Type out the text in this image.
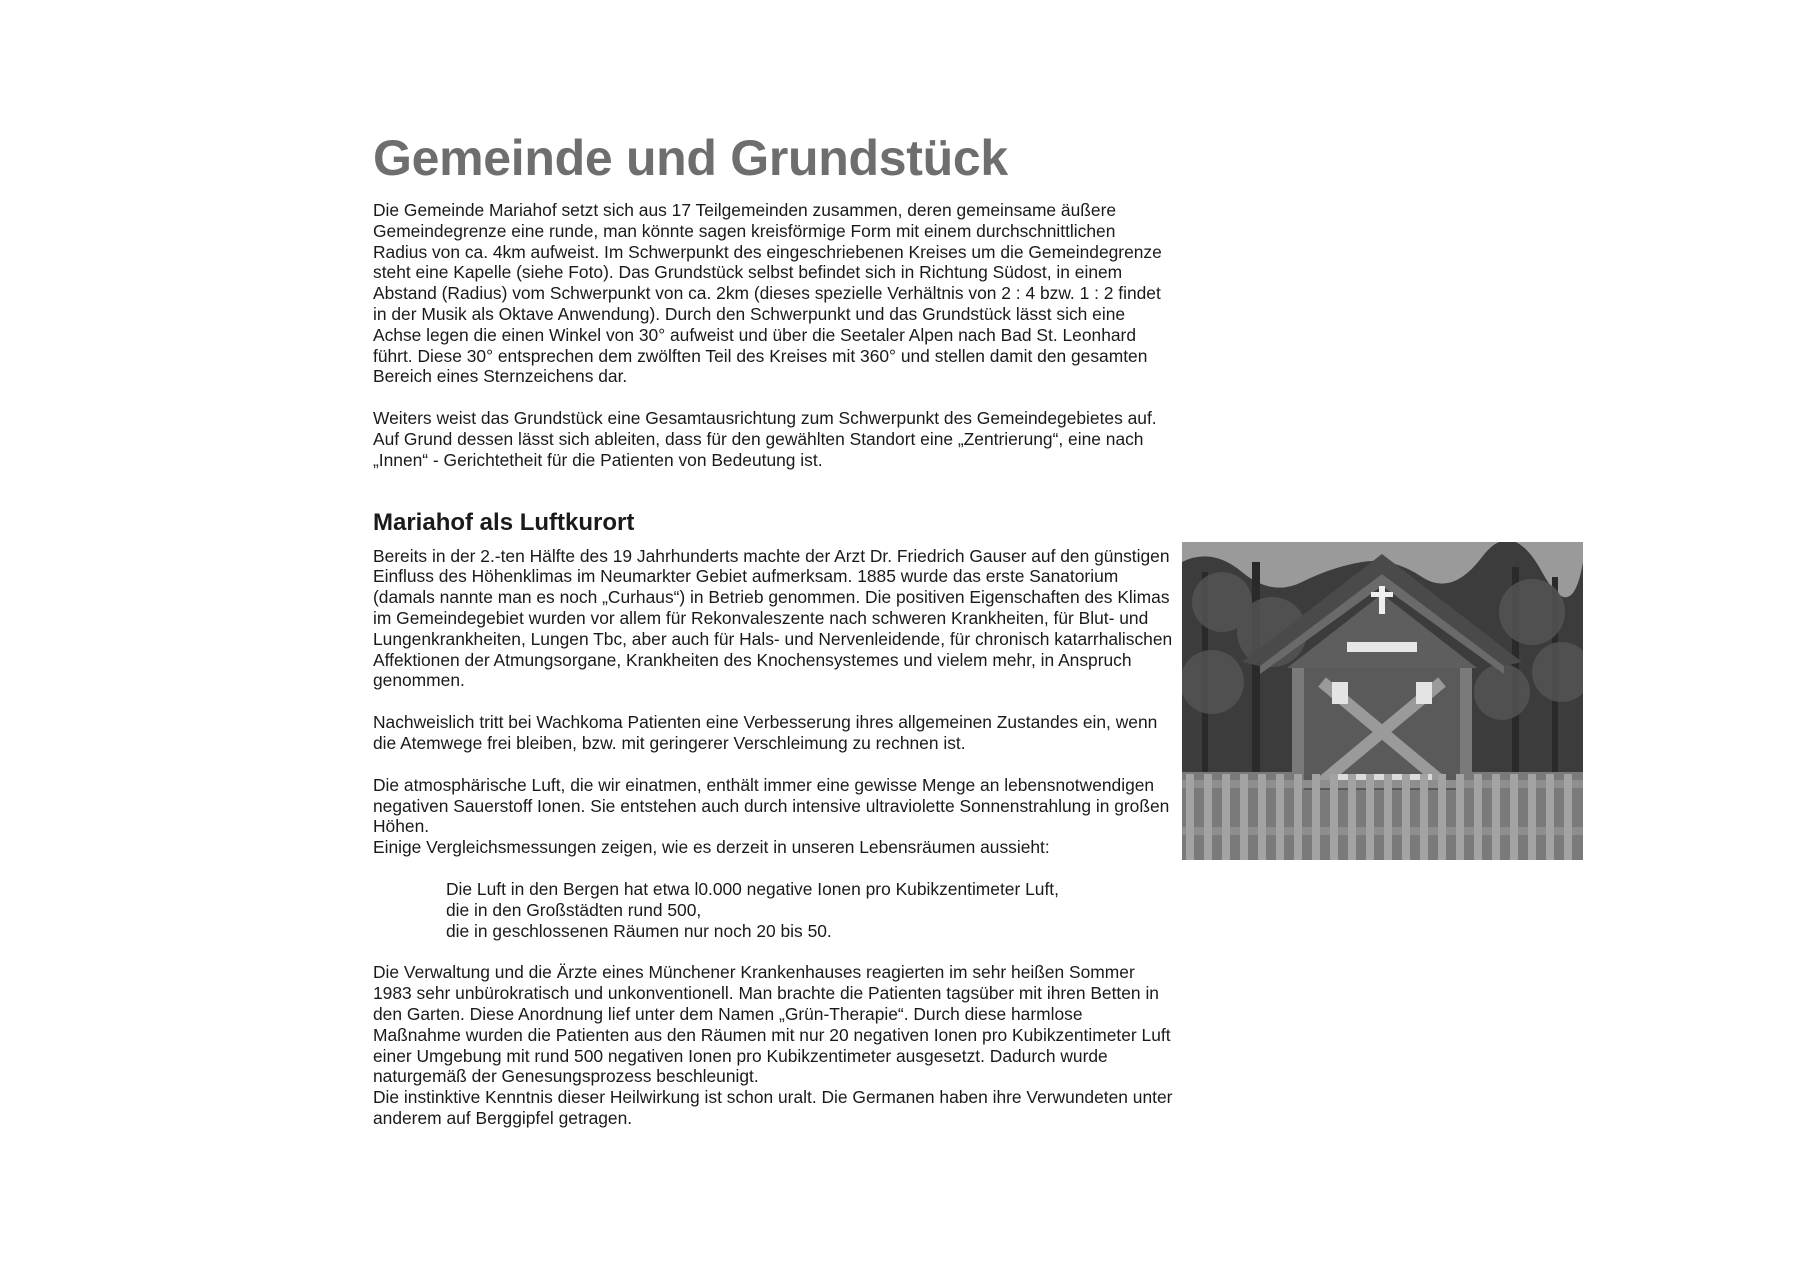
Gemeinde und Grundstück

Die Gemeinde Mariahof setzt sich aus 17 Teilgemeinden zusammen, deren gemeinsame äußere Gemeindegrenze eine runde, man könnte sagen kreisförmige Form mit einem durchschnittlichen Radius von ca. 4km aufweist. Im Schwerpunkt des eingeschriebenen Kreises um die Gemeindegrenze steht eine Kapelle (siehe Foto). Das Grundstück selbst befindet sich in Richtung Südost, in einem Abstand (Radius) vom Schwerpunkt von ca. 2km (dieses spezielle Verhältnis von 2 : 4 bzw. 1 : 2 findet in der Musik als Oktave Anwendung). Durch den Schwerpunkt und das Grundstück lässt sich eine Achse legen die einen Winkel von 30° aufweist und über die Seetaler Alpen nach Bad St. Leonhard führt. Diese 30° entsprechen dem zwölften Teil des Kreises mit 360° und stellen damit den gesamten Bereich eines Sternzeichens dar.

Weiters weist das Grundstück eine Gesamtausrichtung zum Schwerpunkt des Gemeindegebietes auf. Auf Grund dessen lässt sich ableiten, dass für den gewählten Standort eine „Zentrierung“, eine nach „Innen“ - Gerichtetheit für die Patienten von Bedeutung ist.

Mariahof als Luftkurort

Bereits in der 2.-ten Hälfte des 19 Jahrhunderts machte der Arzt Dr. Friedrich Gauser auf den günstigen Einfluss des Höhenklimas im Neumarkter Gebiet aufmerksam. 1885 wurde das erste Sanatorium (damals nannte man es noch „Curhaus“) in Betrieb genommen. Die positiven Eigenschaften des Klimas im Gemeindegebiet wurden vor allem für Rekonvaleszente nach schweren Krankheiten, für Blut- und Lungenkrankheiten, Lungen Tbc, aber auch für Hals- und Nervenleidende, für chronisch katarrhalischen Affektionen der Atmungsorgane, Krankheiten des Knochensystemes und vielem mehr, in Anspruch genommen.

Nachweislich tritt bei Wachkoma Patienten eine Verbesserung ihres allgemeinen Zustandes ein, wenn die Atemwege frei bleiben, bzw. mit geringerer Verschleimung zu rechnen ist.

Die atmosphärische Luft, die wir einatmen, enthält immer eine gewisse Menge an lebensnotwendigen negativen Sauerstoff Ionen. Sie entstehen auch durch intensive ultraviolette Sonnenstrahlung in großen Höhen.

Einige Vergleichsmessungen zeigen, wie es derzeit in unseren Lebensräumen aussieht:

Die Luft in den Bergen hat etwa l0.000 negative Ionen pro Kubikzentimeter Luft,

die in den Großstädten rund 500,

die in geschlossenen Räumen nur noch 20 bis 50.

Die Verwaltung und die Ärzte eines Münchener Krankenhauses reagierten im sehr heißen Sommer 1983 sehr unbürokratisch und unkonventionell. Man brachte die Patienten tagsüber mit ihren Betten in den Garten. Diese Anordnung lief unter dem Namen „Grün-Therapie“. Durch diese harmlose Maßnahme wurden die Patienten aus den Räumen mit nur 20 negativen Ionen pro Kubikzentimeter Luft einer Umgebung mit rund 500 negativen Ionen pro Kubikzentimeter ausgesetzt. Dadurch wurde naturgemäß der Genesungsprozess beschleunigt.

Die instinktive Kenntnis dieser Heilwirkung ist schon uralt. Die Germanen haben ihre Verwundeten unter anderem auf Berggipfel getragen.
